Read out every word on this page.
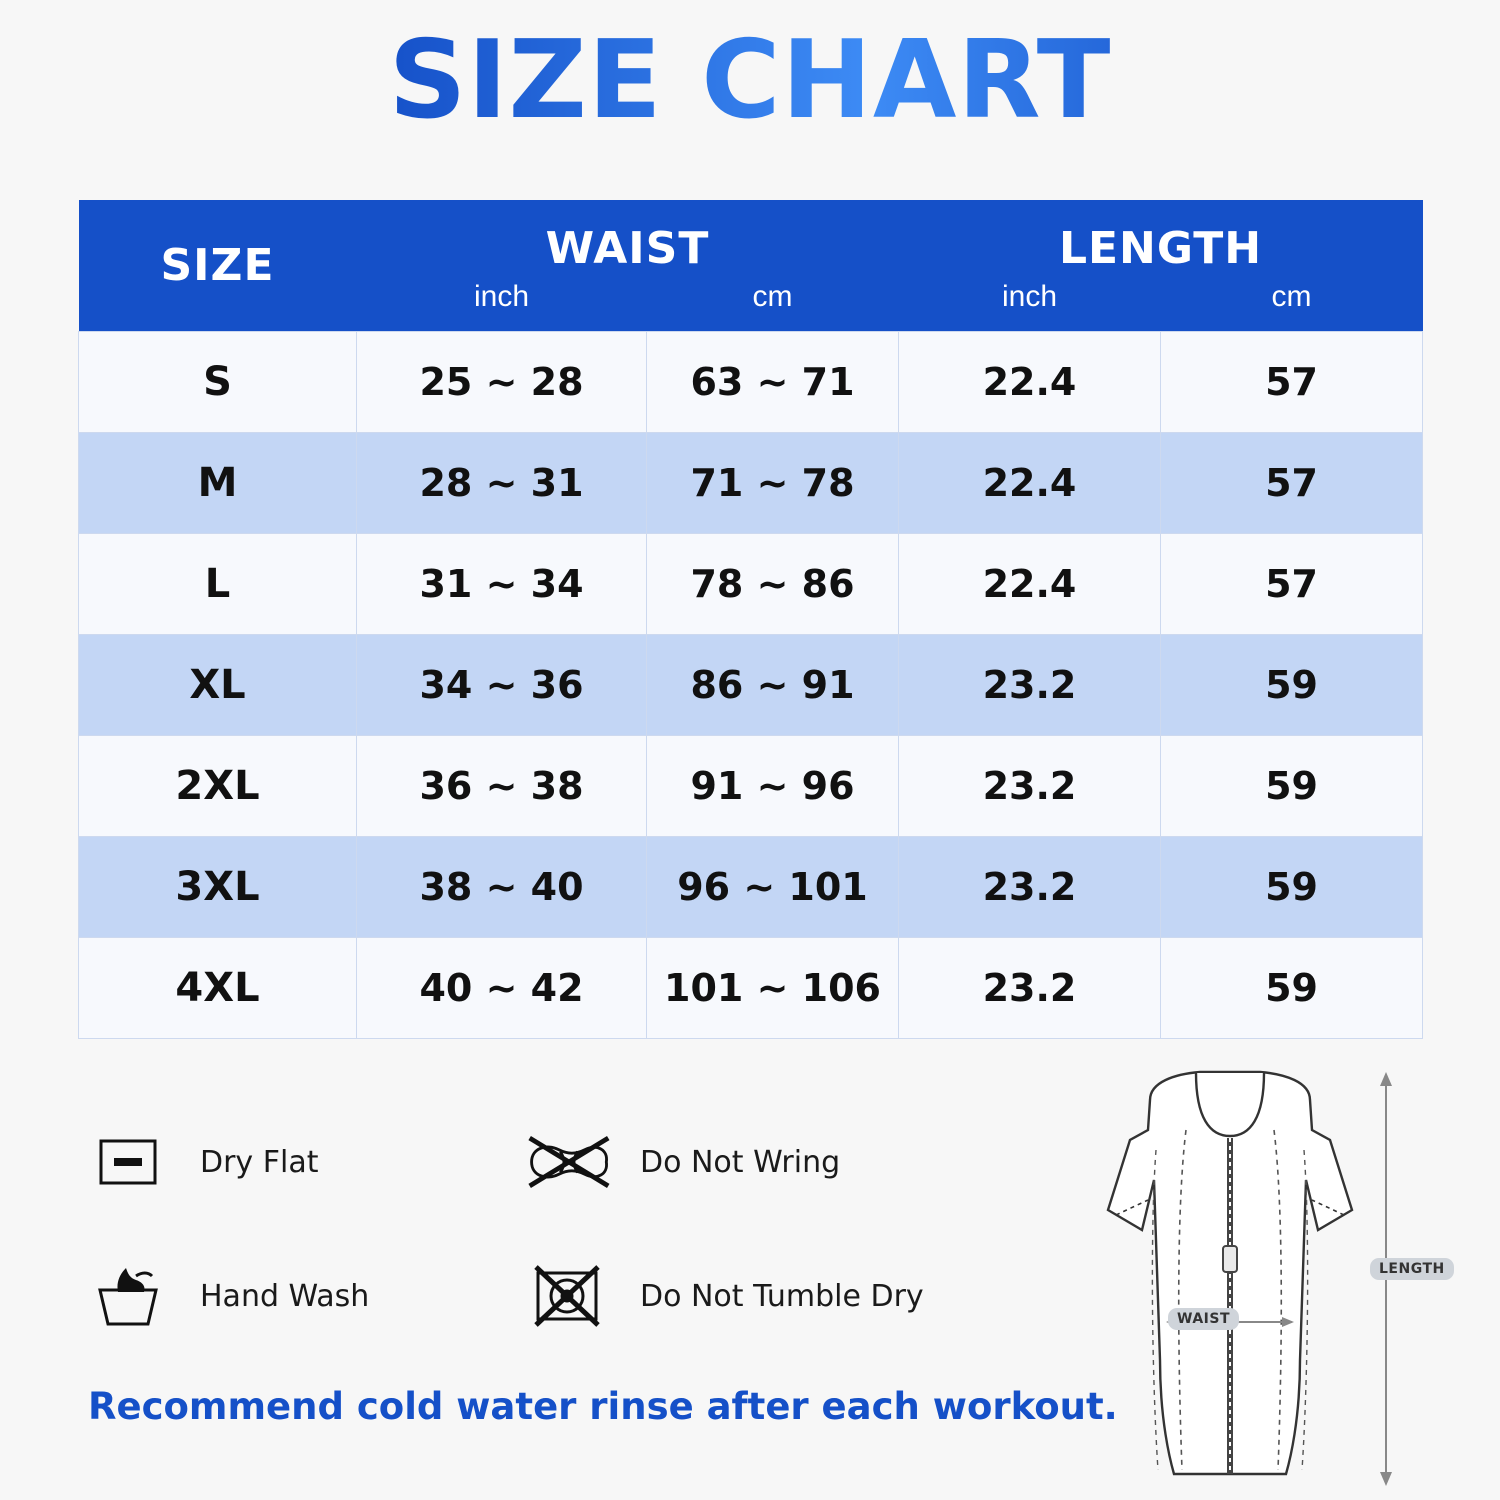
SIZE CHART
SIZE	WAIST		LENGTH	

	inch	cm	inch	cm

S	25 ~ 28	63 ~ 71	22.4	57
M	28 ~ 31	71 ~ 78	22.4	57
L	31 ~ 34	78 ~ 86	22.4	57
XL	34 ~ 36	86 ~ 91	23.2	59
2XL	36 ~ 38	91 ~ 96	23.2	59
3XL	38 ~ 40	96 ~ 101	23.2	59
4XL	40 ~ 42	101 ~ 106	23.2	59
Dry Flat	Do Not Wring
Hand Wash	Do Not Tumble Dry
Recommend cold water rinse after each workout.
WAIST
LENGTH
